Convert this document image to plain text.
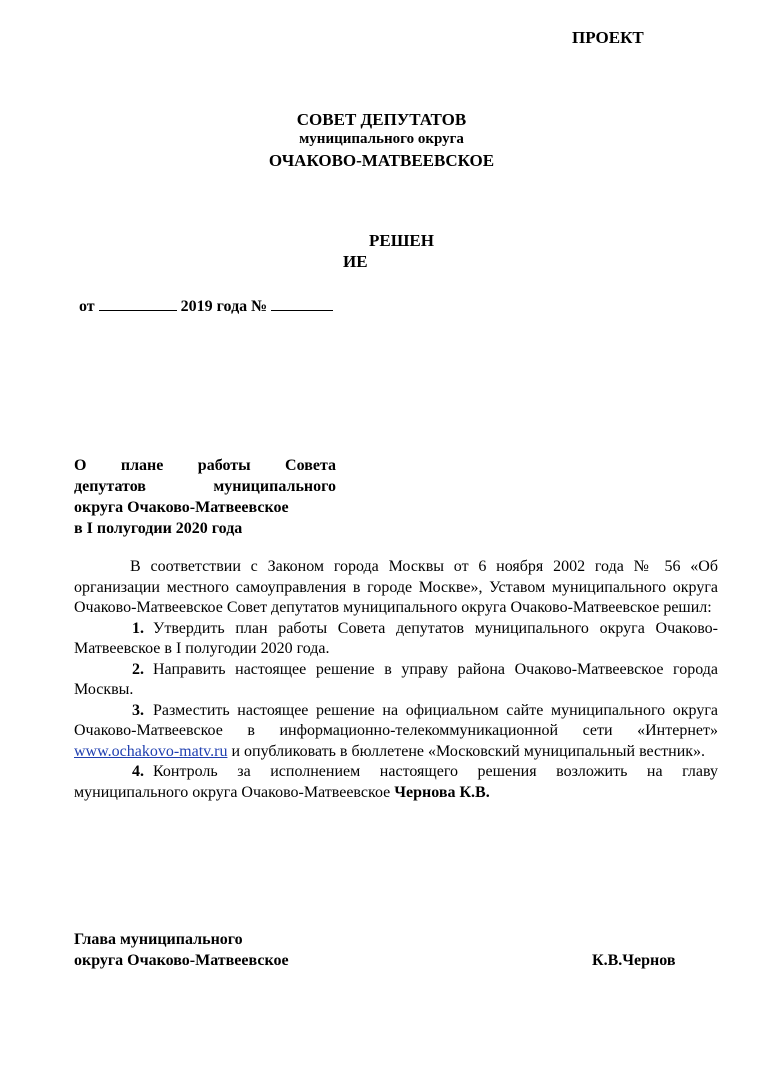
ПРОЕКТ
СОВЕТ ДЕПУТАТОВ
муниципального округа
ОЧАКОВО-МАТВЕЕВСКОЕ
РЕШЕН
ИЕ
от	2019 года №
О плане работы Совета
депутатов муниципального
округа Очаково-Матвеевское
в I полугодии 2020 года

В соответствии с Законом города Москвы от 6 ноября 2002 года № 56 «Об организации местного самоуправления в городе Москве», Уставом муниципального округа Очаково-Матвеевское Совет депутатов муниципального округа Очаково-Матвеевское решил:

1. Утвердить план работы Совета депутатов муниципального округа Очаково- Матвеевское в I полугодии 2020 года.

2. Направить настоящее решение в управу района Очаково-Матвеевское города Москвы.

3. Разместить настоящее решение на официальном сайте муниципального округа Очаково-Матвеевское в информационно-телекоммуникационной сети «Интернет» www.ochakovo-matv.ru и опубликовать в бюллетене «Московский муниципальный вестник».

4. Контроль за исполнением настоящего решения возложить на главу муниципального округа Очаково-Матвеевское Чернова К.В.

Глава муниципального
округа Очаково-Матвеевское	К.В.Чернов
